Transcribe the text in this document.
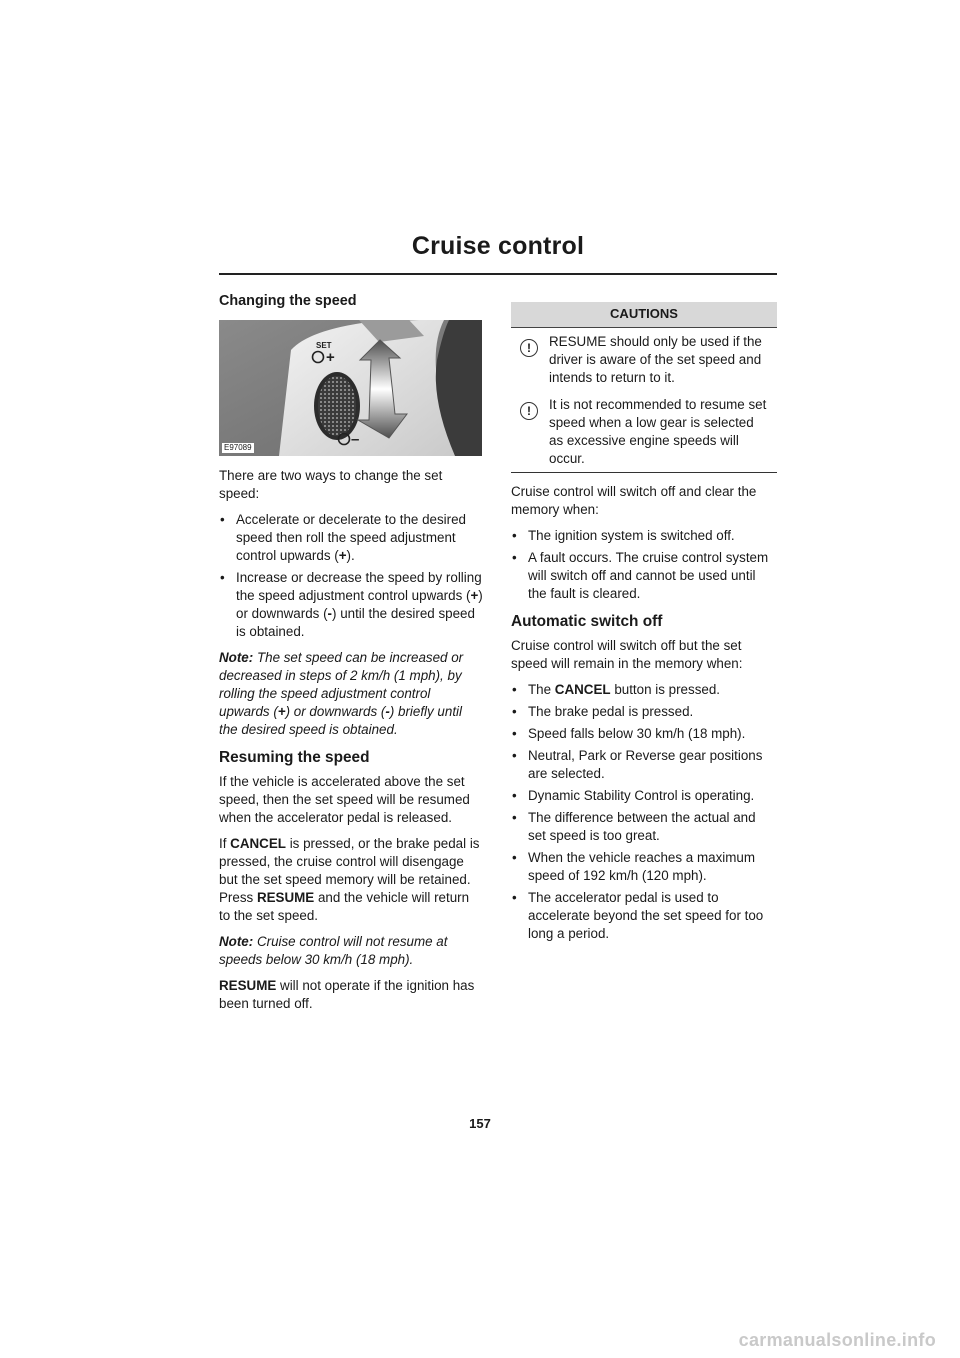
Cruise control
Changing the speed
SET
+
–
E97089

There are two ways to change the set speed:

• Accelerate or decelerate to the desired speed then roll the speed adjustment control upwards (+).
• Increase or decrease the speed by rolling the speed adjustment control upwards (+) or downwards (-) until the desired speed is obtained.

Note: The set speed can be increased or decreased in steps of 2 km/h (1 mph), by rolling the speed adjustment control upwards (+) or downwards (-) briefly until the desired speed is obtained.

Resuming the speed

If the vehicle is accelerated above the set speed, then the set speed will be resumed when the accelerator pedal is released.

If CANCEL is pressed, or the brake pedal is pressed, the cruise control will disengage but the set speed memory will be retained. Press RESUME and the vehicle will return to the set speed.

Note: Cruise control will not resume at speeds below 30 km/h (18 mph).

RESUME will not operate if the ignition has been turned off.

CAUTIONS
!	RESUME should only be used if the driver is aware of the set speed and intends to return to it.
!	It is not recommended to resume set speed when a low gear is selected as excessive engine speeds will occur.

Cruise control will switch off and clear the memory when:

• The ignition system is switched off.
• A fault occurs. The cruise control system will switch off and cannot be used until the fault is cleared.
Automatic switch off

Cruise control will switch off but the set speed will remain in the memory when:

• The CANCEL button is pressed.
• The brake pedal is pressed.
• Speed falls below 30 km/h (18 mph).
• Neutral, Park or Reverse gear positions are selected.
• Dynamic Stability Control is operating.
• The difference between the actual and set speed is too great.
• When the vehicle reaches a maximum speed of 192 km/h (120 mph).
• The accelerator pedal is used to accelerate beyond the set speed for too long a period.
157
carmanualsonline.info
